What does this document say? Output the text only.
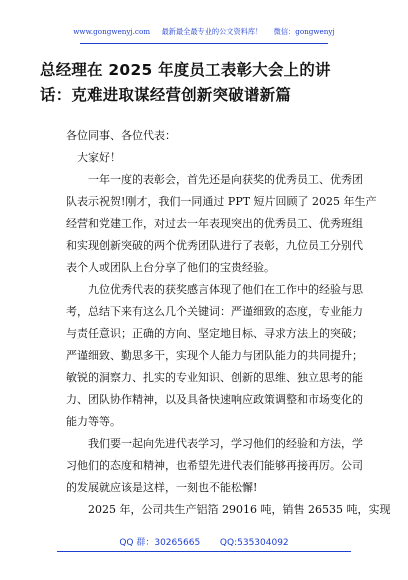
www.gongwenyj.com 最新最全最专业的公文资料库！ 微信：gongwenyj
总经理在 2025 年度员工表彰大会上的讲
话：克难进取谋经营创新突破谱新篇
各位同事、各位代表：
大家好！
一年一度的表彰会，首先还是向获奖的优秀员工、优秀团
队表示祝贺!刚才，我们一同通过 PPT 短片回顾了 2025 年生产
经营和党建工作，对过去一年表现突出的优秀员工、优秀班组
和实现创新突破的两个优秀团队进行了表彰，九位员工分别代
表个人或团队上台分享了他们的宝贵经验。
九位优秀代表的获奖感言体现了他们在工作中的经验与思
考，总结下来有这么几个关键词：严谨细致的态度，专业能力
与责任意识；正确的方向、坚定地目标、寻求方法上的突破；
严谨细致、勤思多干，实现个人能力与团队能力的共同提升；
敏锐的洞察力、扎实的专业知识、创新的思维、独立思考的能
力、团队协作精神，以及具备快速响应政策调整和市场变化的
能力等等。
我们要一起向先进代表学习，学习他们的经验和方法，学
习他们的态度和精神，也希望先进代表们能够再接再厉。公司
的发展就应该是这样，一刻也不能松懈!
2025 年，公司共生产铝箔 29016 吨，销售 26535 吨，实现
QQ 群：30265665 QQ:535304092
